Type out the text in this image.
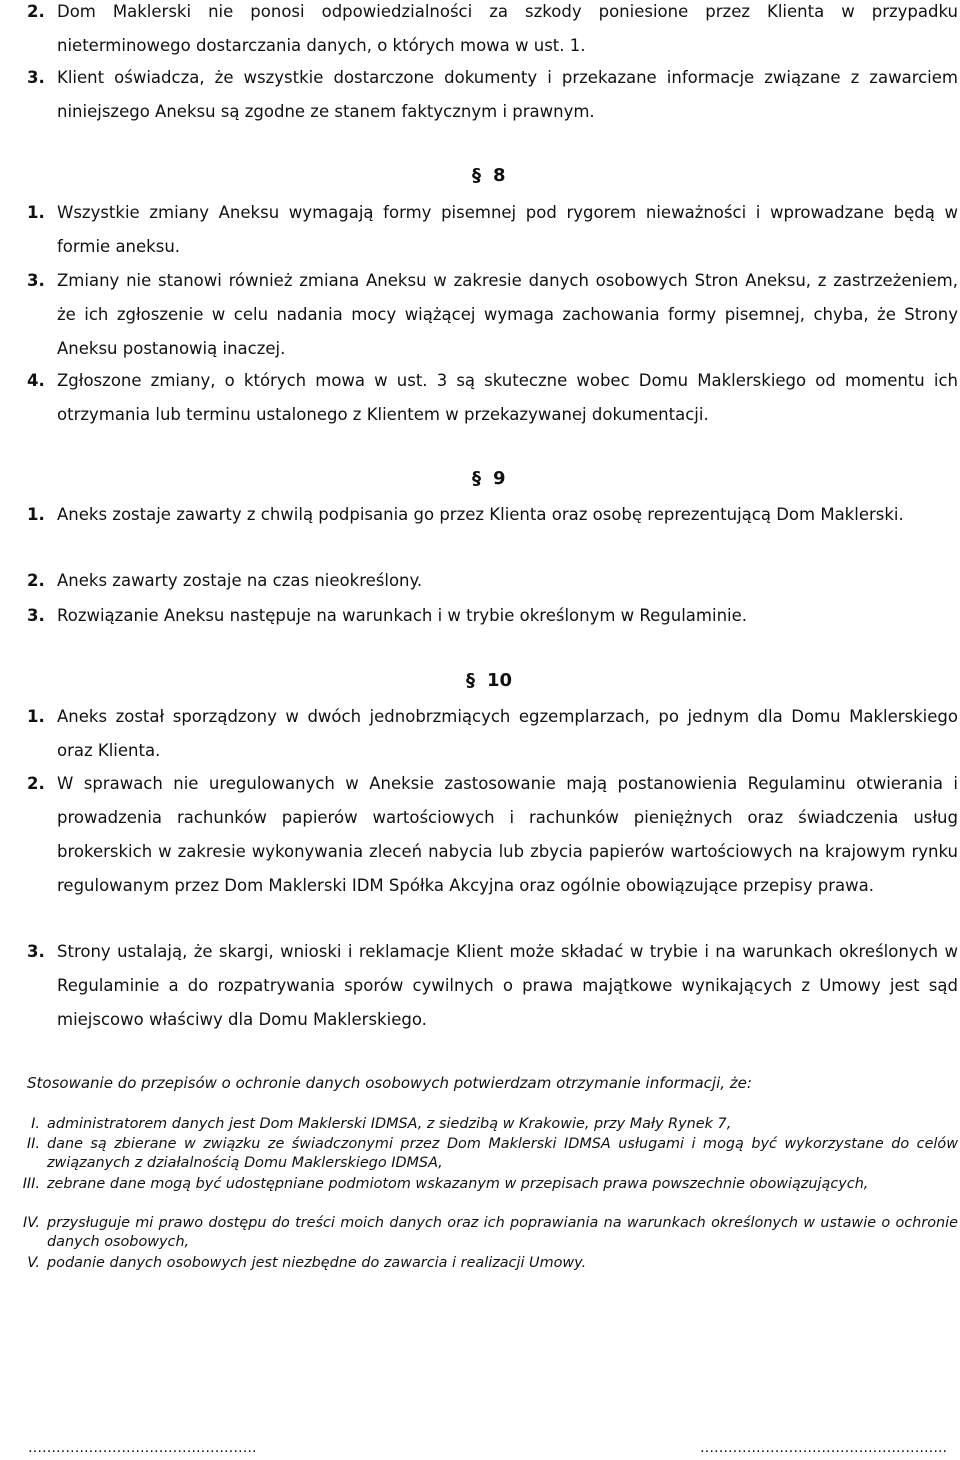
2. Dom Maklerski nie ponosi odpowiedzialności za szkody poniesione przez Klienta w przypadku nieterminowego dostarczania danych, o których mowa w ust. 1.
3. Klient oświadcza, że wszystkie dostarczone dokumenty i przekazane informacje związane z zawarciem niniejszego Aneksu są zgodne ze stanem faktycznym i prawnym.
§ 8
1. Wszystkie zmiany Aneksu wymagają formy pisemnej pod rygorem nieważności i wprowadzane będą w formie aneksu.
3. Zmiany nie stanowi również zmiana Aneksu w zakresie danych osobowych Stron Aneksu, z zastrzeżeniem, że ich zgłoszenie w celu nadania mocy wiążącej wymaga zachowania formy pisemnej, chyba, że Strony Aneksu postanowią inaczej.
4. Zgłoszone zmiany, o których mowa w ust. 3 są skuteczne wobec Domu Maklerskiego od momentu ich otrzymania lub terminu ustalonego z Klientem w przekazywanej dokumentacji.
§ 9
1. Aneks zostaje zawarty z chwilą podpisania go przez Klienta oraz osobę reprezentującą Dom Maklerski.
2. Aneks zawarty zostaje na czas nieokreślony.
3. Rozwiązanie Aneksu następuje na warunkach i w trybie określonym w Regulaminie.
§ 10
1. Aneks został sporządzony w dwóch jednobrzmiących egzemplarzach, po jednym dla Domu Maklerskiego oraz Klienta.
2. W sprawach nie uregulowanych w Aneksie zastosowanie mają postanowienia Regulaminu otwierania i prowadzenia rachunków papierów wartościowych i rachunków pieniężnych oraz świadczenia usług brokerskich w zakresie wykonywania zleceń nabycia lub zbycia papierów wartościowych na krajowym rynku regulowanym przez Dom Maklerski IDM Spółka Akcyjna oraz ogólnie obowiązujące przepisy prawa.
3. Strony ustalają, że skargi, wnioski i reklamacje Klient może składać w trybie i na warunkach określonych w Regulaminie a do rozpatrywania sporów cywilnych o prawa majątkowe wynikających z Umowy jest sąd miejscowo właściwy dla Domu Maklerskiego.
Stosowanie do przepisów o ochronie danych osobowych potwierdzam otrzymanie informacji, że:
I. administratorem danych jest Dom Maklerski IDMSA, z siedzibą w Krakowie, przy Mały Rynek 7,
II. dane są zbierane w związku ze świadczonymi przez Dom Maklerski IDMSA usługami i mogą być wykorzystane do celów związanych z działalnością Domu Maklerskiego IDMSA,
III. zebrane dane mogą być udostępniane podmiotom wskazanym w przepisach prawa powszechnie obowiązujących,
IV. przysługuje mi prawo dostępu do treści moich danych oraz ich poprawiania na warunkach określonych w ustawie o ochronie danych osobowych,
V. podanie danych osobowych jest niezbędne do zawarcia i realizacji Umowy.
………………………………………….	……………………………………………..
